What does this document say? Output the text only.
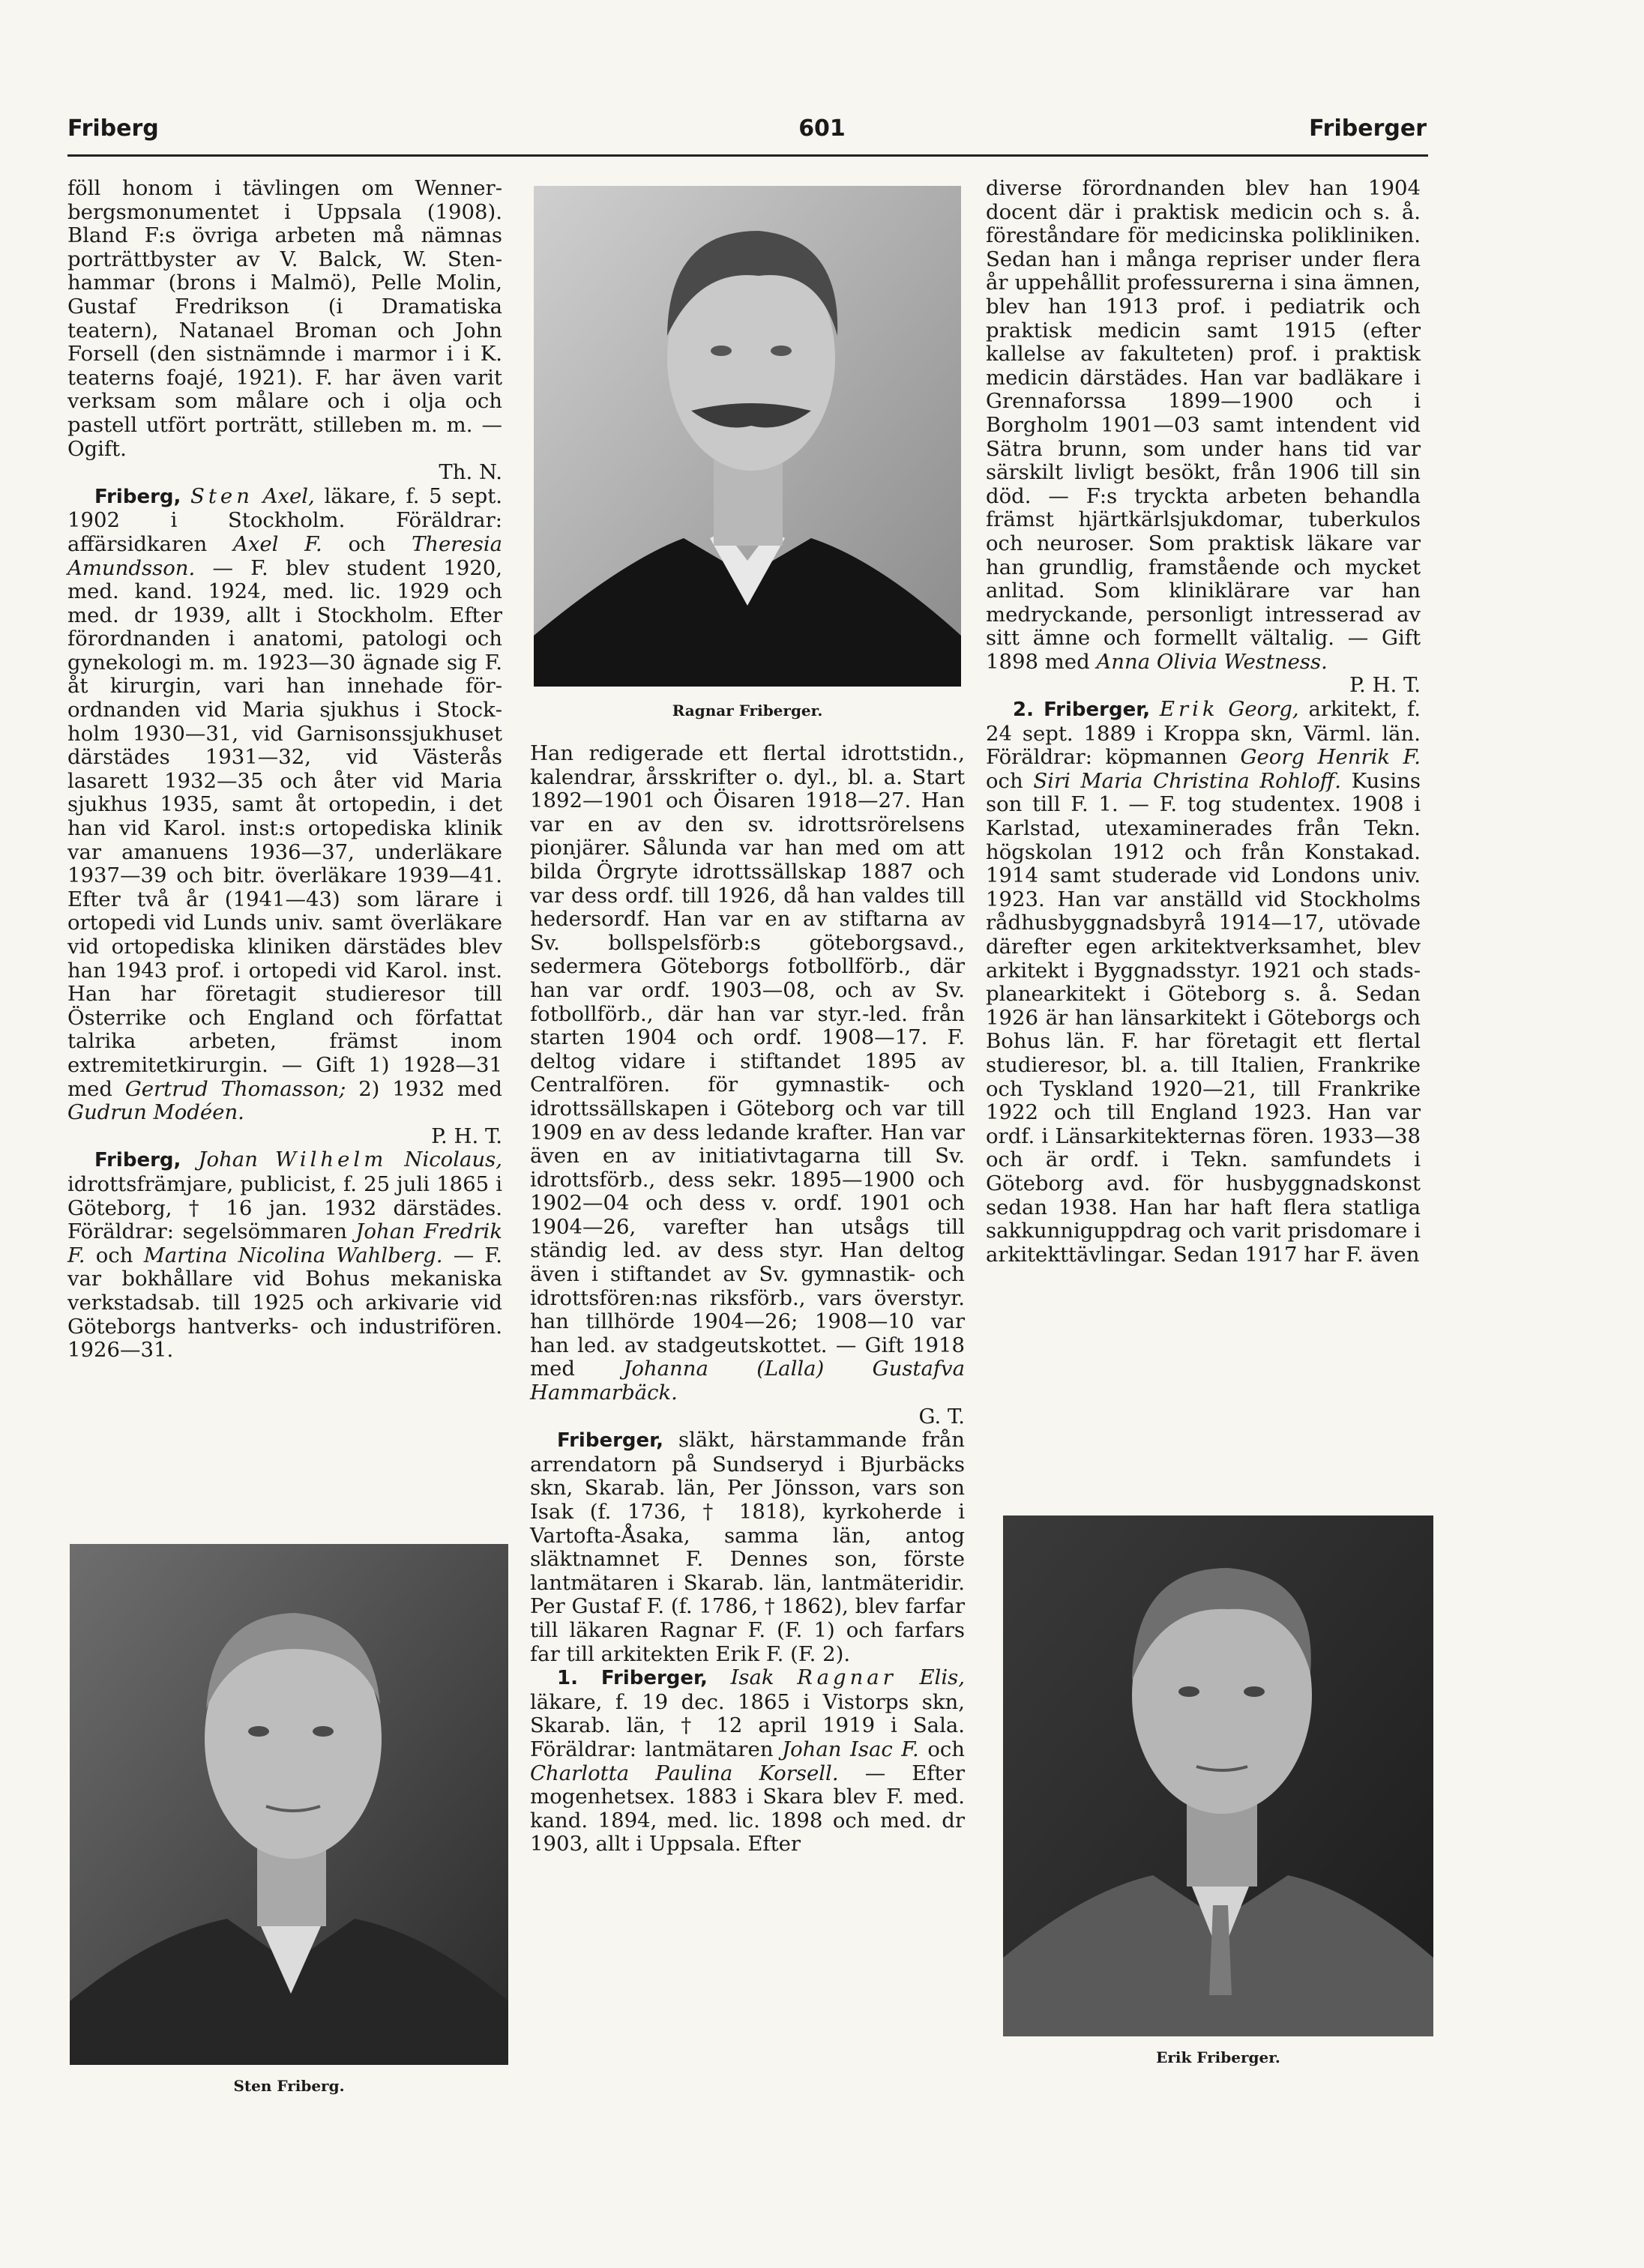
Friberg	601	Friberger

föll honom i tävlingen om Wennerbergsmonumentet i Uppsala (1908). Bland F:s övriga arbeten må nämnas porträttbyster av V. Balck, W. Stenhammar (brons i Malmö), Pelle Molin, Gustaf Fredrikson (i Dramatiska teatern), Natanael Broman och John Forsell (den sistnämnde i marmor i i K. teaterns foajé, 1921). F. har även varit verksam som målare och i olja och pastell utfört porträtt, stilleben m. m. — Ogift.
Th. N.

Friberg, Sten Axel, läkare, f. 5 sept. 1902 i Stockholm. Föräldrar: affärsidkaren Axel F. och Theresia Amundsson. — F. blev student 1920, med. kand. 1924, med. lic. 1929 och med. dr 1939, allt i Stockholm. Efter förordnanden i anatomi, patologi och gynekologi m. m. 1923—30 ägnade sig F. åt kirurgin, vari han innehade förordnanden vid Maria sjukhus i Stockholm 1930—31, vid Garnisonssjukhuset därstädes 1931—32, vid Västerås lasarett 1932—35 och åter vid Maria sjukhus 1935, samt åt ortopedin, i det han vid Karol. inst:s ortopediska klinik var amanuens 1936—37, underläkare 1937—39 och bitr. överläkare 1939—41. Efter två år (1941—43) som lärare i ortopedi vid Lunds univ. samt överläkare vid ortopediska kliniken därstädes blev han 1943 prof. i ortopedi vid Karol. inst. Han har företagit studieresor till Österrike och England och författat talrika arbeten, främst inom extremitetkirurgin. — Gift 1) 1928—31 med Gertrud Thomasson; 2) 1932 med Gudrun Modéen.
P. H. T.

Friberg, Johan Wilhelm Nicolaus, idrottsfrämjare, publicist, f. 25 juli 1865 i Göteborg, † 16 jan. 1932 därstädes. Föräldrar: segelsömmaren Johan Fredrik F. och Martina Nicolina Wahlberg. — F. var bokhållare vid Bohus mekaniska verkstadsab. till 1925 och arkivarie vid Göteborgs hantverks- och industrifören. 1926—31.

Ragnar Friberger.

Han redigerade ett flertal idrottstidn., kalendrar, årsskrifter o. dyl., bl. a. Start 1892—1901 och Öisaren 1918—27. Han var en av den sv. idrottsrörelsens pionjärer. Sålunda var han med om att bilda Örgryte idrottssällskap 1887 och var dess ordf. till 1926, då han valdes till hedersordf. Han var en av stiftarna av Sv. bollspelsförb:s göteborgsavd., sedermera Göteborgs fotbollförb., där han var ordf. 1903—08, och av Sv. fotbollförb., där han var styr.-led. från starten 1904 och ordf. 1908—17. F. deltog vidare i stiftandet 1895 av Centralfören. för gymnastik- och idrottssällskapen i Göteborg och var till 1909 en av dess ledande krafter. Han var även en av initiativtagarna till Sv. idrottsförb., dess sekr. 1895—1900 och 1902—04 och dess v. ordf. 1901 och 1904—26, varefter han utsågs till ständig led. av dess styr. Han deltog även i stiftandet av Sv. gymnastik- och idrottsfören:nas riksförb., vars överstyr. han tillhörde 1904—26; 1908—10 var han led. av stadgeutskottet. — Gift 1918 med Johanna (Lalla) Gustafva Hammarbäck.
G. T.

Friberger, släkt, härstammande från arrendatorn på Sundseryd i Bjurbäcks skn, Skarab. län, Per Jönsson, vars son Isak (f. 1736, † 1818), kyrkoherde i Vartofta-Åsaka, samma län, antog släktnamnet F. Dennes son, förste lantmätaren i Skarab. län, lantmäteridir. Per Gustaf F. (f. 1786, † 1862), blev farfar till läkaren Ragnar F. (F. 1) och farfars far till arkitekten Erik F. (F. 2).

1. Friberger, Isak Ragnar Elis, läkare, f. 19 dec. 1865 i Vistorps skn, Skarab. län, † 12 april 1919 i Sala. Föräldrar: lantmätaren Johan Isac F. och Charlotta Paulina Korsell. — Efter mogenhetsex. 1883 i Skara blev F. med. kand. 1894, med. lic. 1898 och med. dr 1903, allt i Uppsala. Efter

diverse förordnanden blev han 1904 docent där i praktisk medicin och s. å. föreståndare för medicinska polikliniken. Sedan han i många repriser under flera år uppehållit professurerna i sina ämnen, blev han 1913 prof. i pediatrik och praktisk medicin samt 1915 (efter kallelse av fakulteten) prof. i praktisk medicin därstädes. Han var badläkare i Grennaforssa 1899—1900 och i Borgholm 1901—03 samt intendent vid Sätra brunn, som under hans tid var särskilt livligt besökt, från 1906 till sin död. — F:s tryckta arbeten behandla främst hjärtkärlsjukdomar, tuberkulos och neuroser. Som praktisk läkare var han grundlig, framstående och mycket anlitad. Som kliniklärare var han medryckande, personligt intresserad av sitt ämne och formellt vältalig. — Gift 1898 med Anna Olivia Westness.
P. H. T.

2. Friberger, Erik Georg, arkitekt, f. 24 sept. 1889 i Kroppa skn, Värml. län. Föräldrar: köpmannen Georg Henrik F. och Siri Maria Christina Rohloff. Kusins son till F. 1. — F. tog studentex. 1908 i Karlstad, utexaminerades från Tekn. högskolan 1912 och från Konstakad. 1914 samt studerade vid Londons univ. 1923. Han var anställd vid Stockholms rådhusbyggnadsbyrå 1914—17, utövade därefter egen arkitektverksamhet, blev arkitekt i Byggnadsstyr. 1921 och stadsplanearkitekt i Göteborg s. å. Sedan 1926 är han länsarkitekt i Göteborgs och Bohus län. F. har företagit ett flertal studieresor, bl. a. till Italien, Frankrike och Tyskland 1920—21, till Frankrike 1922 och till England 1923. Han var ordf. i Länsarkitekternas fören. 1933—38 och är ordf. i Tekn. samfundets i Göteborg avd. för husbyggnadskonst sedan 1938. Han har haft flera statliga sakkunniguppdrag och varit prisdomare i arkitekttävlingar. Sedan 1917 har F. även

Sten Friberg.
Erik Friberger.
